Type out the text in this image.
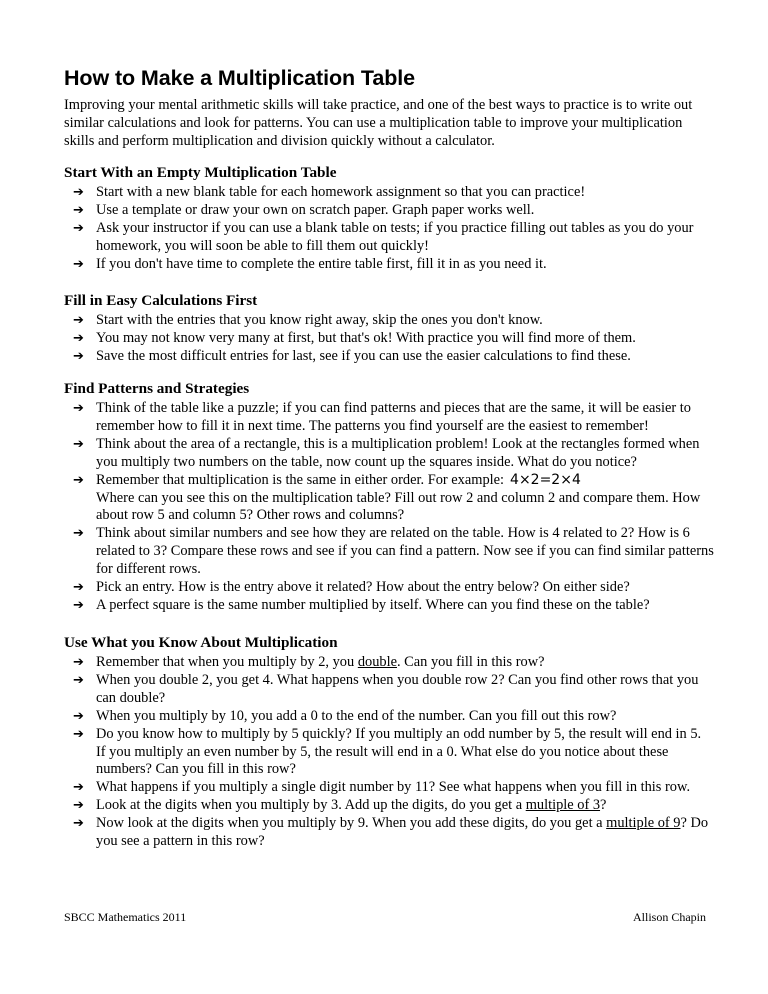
How to Make a Multiplication Table

Improving your mental arithmetic skills will take practice, and one of the best ways to practice is to write out similar calculations and look for patterns. You can use a multiplication table to improve your multiplication skills and perform multiplication and division quickly without a calculator.

Start With an Empty Multiplication Table
➔ Start with a new blank table for each homework assignment so that you can practice!
➔ Use a template or draw your own on scratch paper. Graph paper works well.
➔ Ask your instructor if you can use a blank table on tests; if you practice filling out tables as you do your homework, you will soon be able to fill them out quickly!
➔ If you don't have time to complete the entire table first, fill it in as you need it.
Fill in Easy Calculations First
➔ Start with the entries that you know right away, skip the ones you don't know.
➔ You may not know very many at first, but that's ok! With practice you will find more of them.
➔ Save the most difficult entries for last, see if you can use the easier calculations to find these.
Find Patterns and Strategies
➔ Think of the table like a puzzle; if you can find patterns and pieces that are the same, it will be easier to remember how to fill it in next time. The patterns you find yourself are the easiest to remember!
➔ Think about the area of a rectangle, this is a multiplication problem! Look at the rectangles formed when you multiply two numbers on the table, now count up the squares inside. What do you notice?
➔ Remember that multiplication is the same in either order. For example: 4×2=2×4
Where can you see this on the multiplication table? Fill out row 2 and column 2 and compare them. How about row 5 and column 5? Other rows and columns?
➔ Think about similar numbers and see how they are related on the table. How is 4 related to 2? How is 6 related to 3? Compare these rows and see if you can find a pattern. Now see if you can find similar patterns for different rows.
➔ Pick an entry. How is the entry above it related? How about the entry below? On either side?
➔ A perfect square is the same number multiplied by itself. Where can you find these on the table?
Use What you Know About Multiplication
➔ Remember that when you multiply by 2, you double. Can you fill in this row?
➔ When you double 2, you get 4. What happens when you double row 2? Can you find other rows that you can double?
➔ When you multiply by 10, you add a 0 to the end of the number. Can you fill out this row?
➔ Do you know how to multiply by 5 quickly? If you multiply an odd number by 5, the result will end in 5. If you multiply an even number by 5, the result will end in a 0. What else do you notice about these numbers? Can you fill in this row?
➔ What happens if you multiply a single digit number by 11? See what happens when you fill in this row.
➔ Look at the digits when you multiply by 3. Add up the digits, do you get a multiple of 3?
➔ Now look at the digits when you multiply by 9. When you add these digits, do you get a multiple of 9? Do you see a pattern in this row?
SBCC Mathematics 2011	Allison Chapin
